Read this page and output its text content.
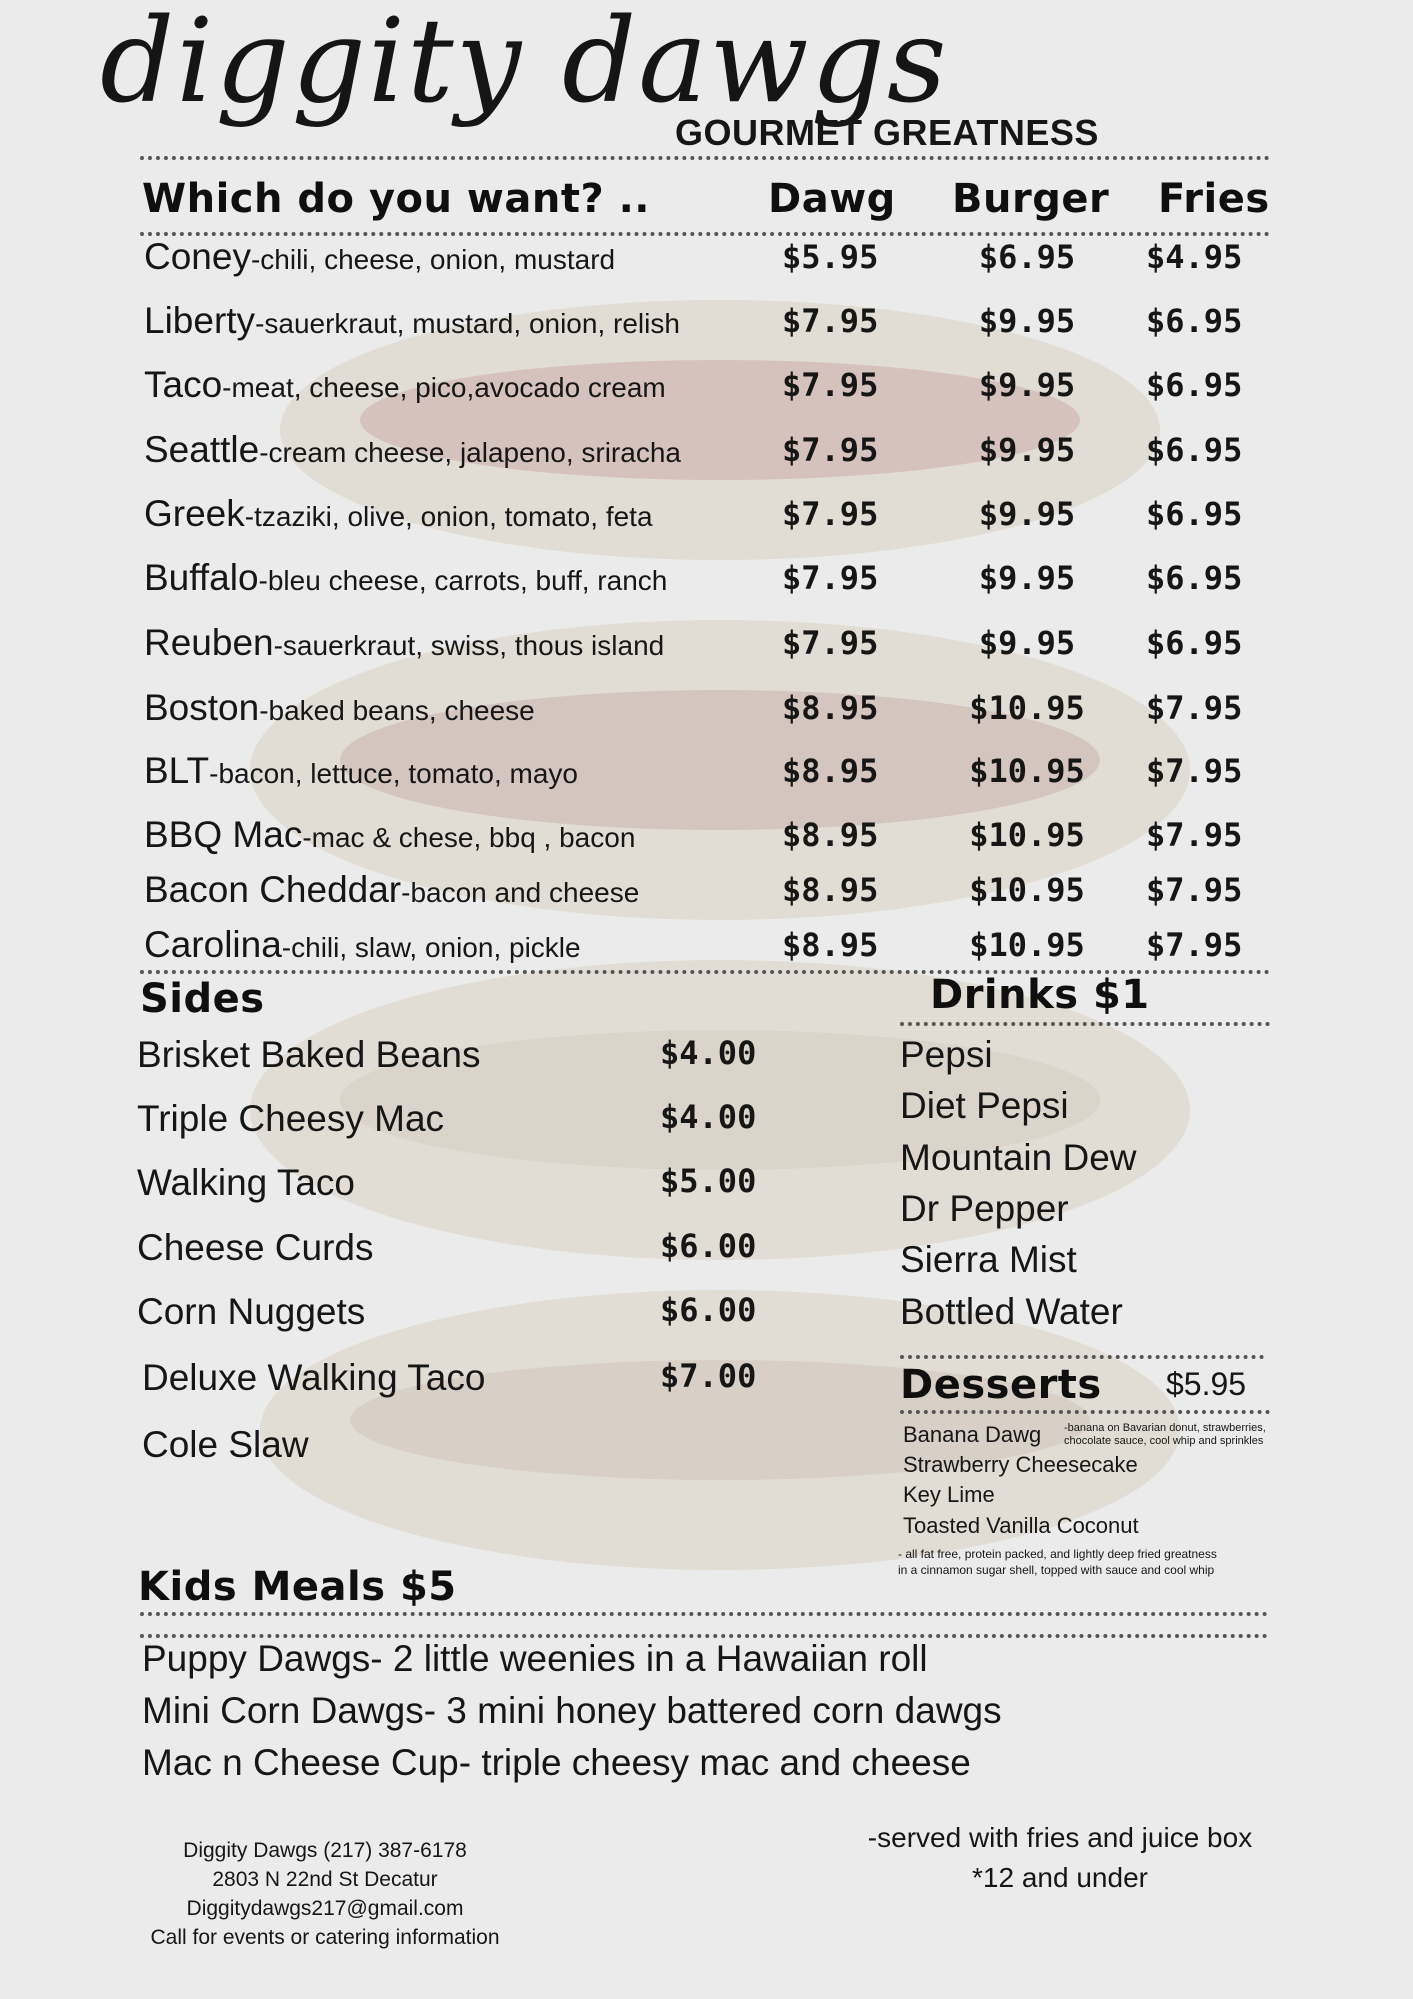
diggity dawgs
GOURMET GREATNESS
Which do you want? ..	Dawg Burger Fries
Coney-chili, cheese, onion, mustard	$5.95	$6.95	$4.95
Liberty-sauerkraut, mustard, onion, relish	$7.95	$9.95	$6.95
Taco-meat, cheese, pico,avocado cream	$7.95	$9.95	$6.95
Seattle-cream cheese, jalapeno, sriracha	$7.95	$9.95	$6.95
Greek-tzaziki, olive, onion, tomato, feta	$7.95	$9.95	$6.95
Buffalo-bleu cheese, carrots, buff, ranch	$7.95	$9.95	$6.95
Reuben-sauerkraut, swiss, thous island	$7.95	$9.95	$6.95
Boston-baked beans, cheese	$8.95	$10.95 $7.95
BLT-bacon, lettuce, tomato, mayo	$8.95	$10.95 $7.95
BBQ Mac-mac & chese, bbq , bacon	$8.95	$10.95 $7.95
Bacon Cheddar-bacon and cheese	$8.95	$10.95 $7.95
Carolina-chili, slaw, onion, pickle	$8.95	$10.95 $7.95
Sides	Drinks $1
Brisket Baked Beans	$4.00
Triple Cheesy Mac	$4.00
Walking Taco	$5.00
Cheese Curds	$6.00
Corn Nuggets	$6.00
Deluxe Walking Taco	$7.00
Cole Slaw
Pepsi
Diet Pepsi
Mountain Dew
Dr Pepper
Sierra Mist
Bottled Water
Desserts $5.95
Banana Dawg
Strawberry Cheesecake
Key Lime
Toasted Vanilla Coconut
-banana on Bavarian donut, strawberries,
chocolate sauce, cool whip and sprinkles
- all fat free, protein packed, and lightly deep fried greatness
in a cinnamon sugar shell, topped with sauce and cool whip
Kids Meals $5
Puppy Dawgs- 2 little weenies in a Hawaiian roll
Mini Corn Dawgs- 3 mini honey battered corn dawgs
Mac n Cheese Cup- triple cheesy mac and cheese
Diggity Dawgs (217) 387-6178
2803 N 22nd St Decatur
Diggitydawgs217@gmail.com
Call for events or catering information
-served with fries and juice box
*12 and under
